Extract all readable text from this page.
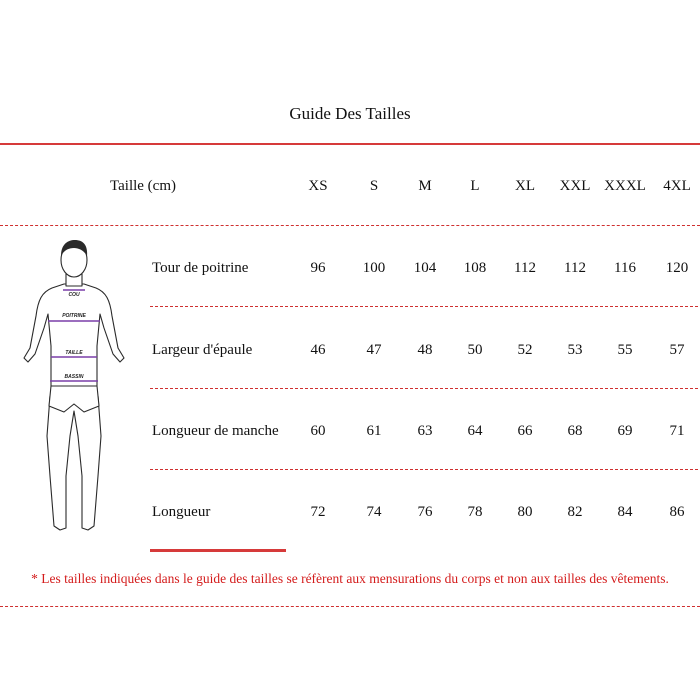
Guide Des Tailles
Taille (cm)	XS	S	M	L	XL	XXL XXXL	4XL
Tour de poitrine	96	100	104	108	112	112	116	120
Largeur d'épaule	46	47	48	50	52	53	55	57
Longueur de manche	60	61	63	64	66	68	69	71
Longueur	72	74	76	78	80	82	84	86
COU
POITRINE
TAILLE
BASSIN
* Les tailles indiquées dans le guide des tailles se réfèrent aux mensurations du corps et non aux tailles des vêtements.
